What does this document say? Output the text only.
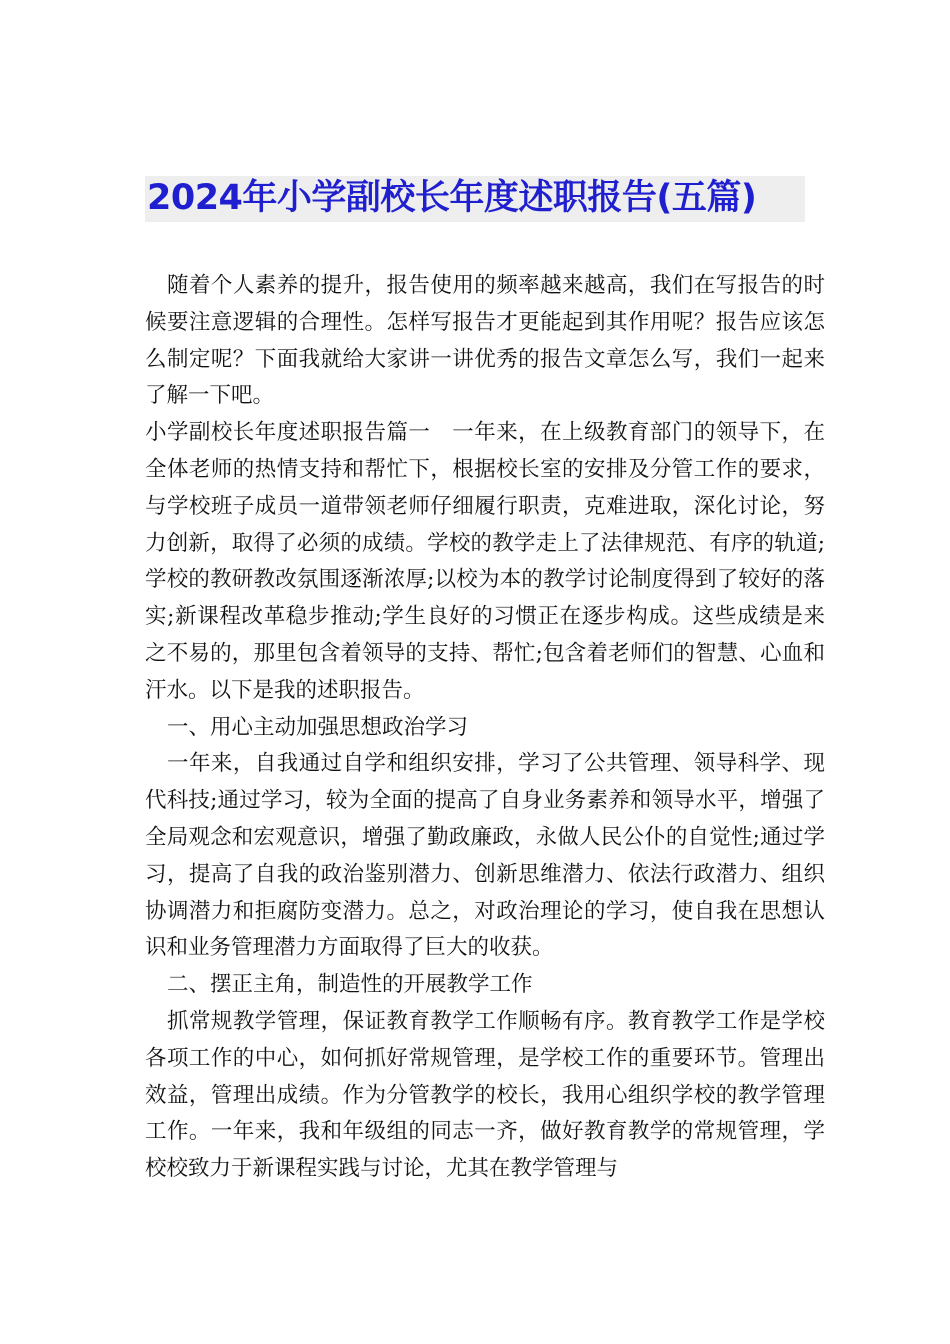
2024年小学副校长年度述职报告(五篇)

随着个人素养的提升，报告使用的频率越来越高，我们在写报告的时候要注意逻辑的合理性。怎样写报告才更能起到其作用呢？报告应该怎么制定呢？下面我就给大家讲一讲优秀的报告文章怎么写，我们一起来了解一下吧。

小学副校长年度述职报告篇一　一年来，在上级教育部门的领导下，在全体老师的热情支持和帮忙下，根据校长室的安排及分管工作的要求，与学校班子成员一道带领老师仔细履行职责，克难进取，深化讨论，努力创新，取得了必须的成绩。学校的教学走上了法律规范、有序的轨道;学校的教研教改氛围逐渐浓厚;以校为本的教学讨论制度得到了较好的落实;新课程改革稳步推动;学生良好的习惯正在逐步构成。这些成绩是来之不易的，那里包含着领导的支持、帮忙;包含着老师们的智慧、心血和汗水。以下是我的述职报告。

一、用心主动加强思想政治学习

一年来，自我通过自学和组织安排，学习了公共管理、领导科学、现代科技;通过学习，较为全面的提高了自身业务素养和领导水平，增强了全局观念和宏观意识，增强了勤政廉政，永做人民公仆的自觉性;通过学习，提高了自我的政治鉴别潜力、创新思维潜力、依法行政潜力、组织协调潜力和拒腐防变潜力。总之，对政治理论的学习，使自我在思想认识和业务管理潜力方面取得了巨大的收获。

二、摆正主角，制造性的开展教学工作

抓常规教学管理，保证教育教学工作顺畅有序。教育教学工作是学校各项工作的中心，如何抓好常规管理，是学校工作的重要环节。管理出效益，管理出成绩。作为分管教学的校长，我用心组织学校的教学管理工作。一年来，我和年级组的同志一齐，做好教育教学的常规管理，学校校致力于新课程实践与讨论，尤其在教学管理与
